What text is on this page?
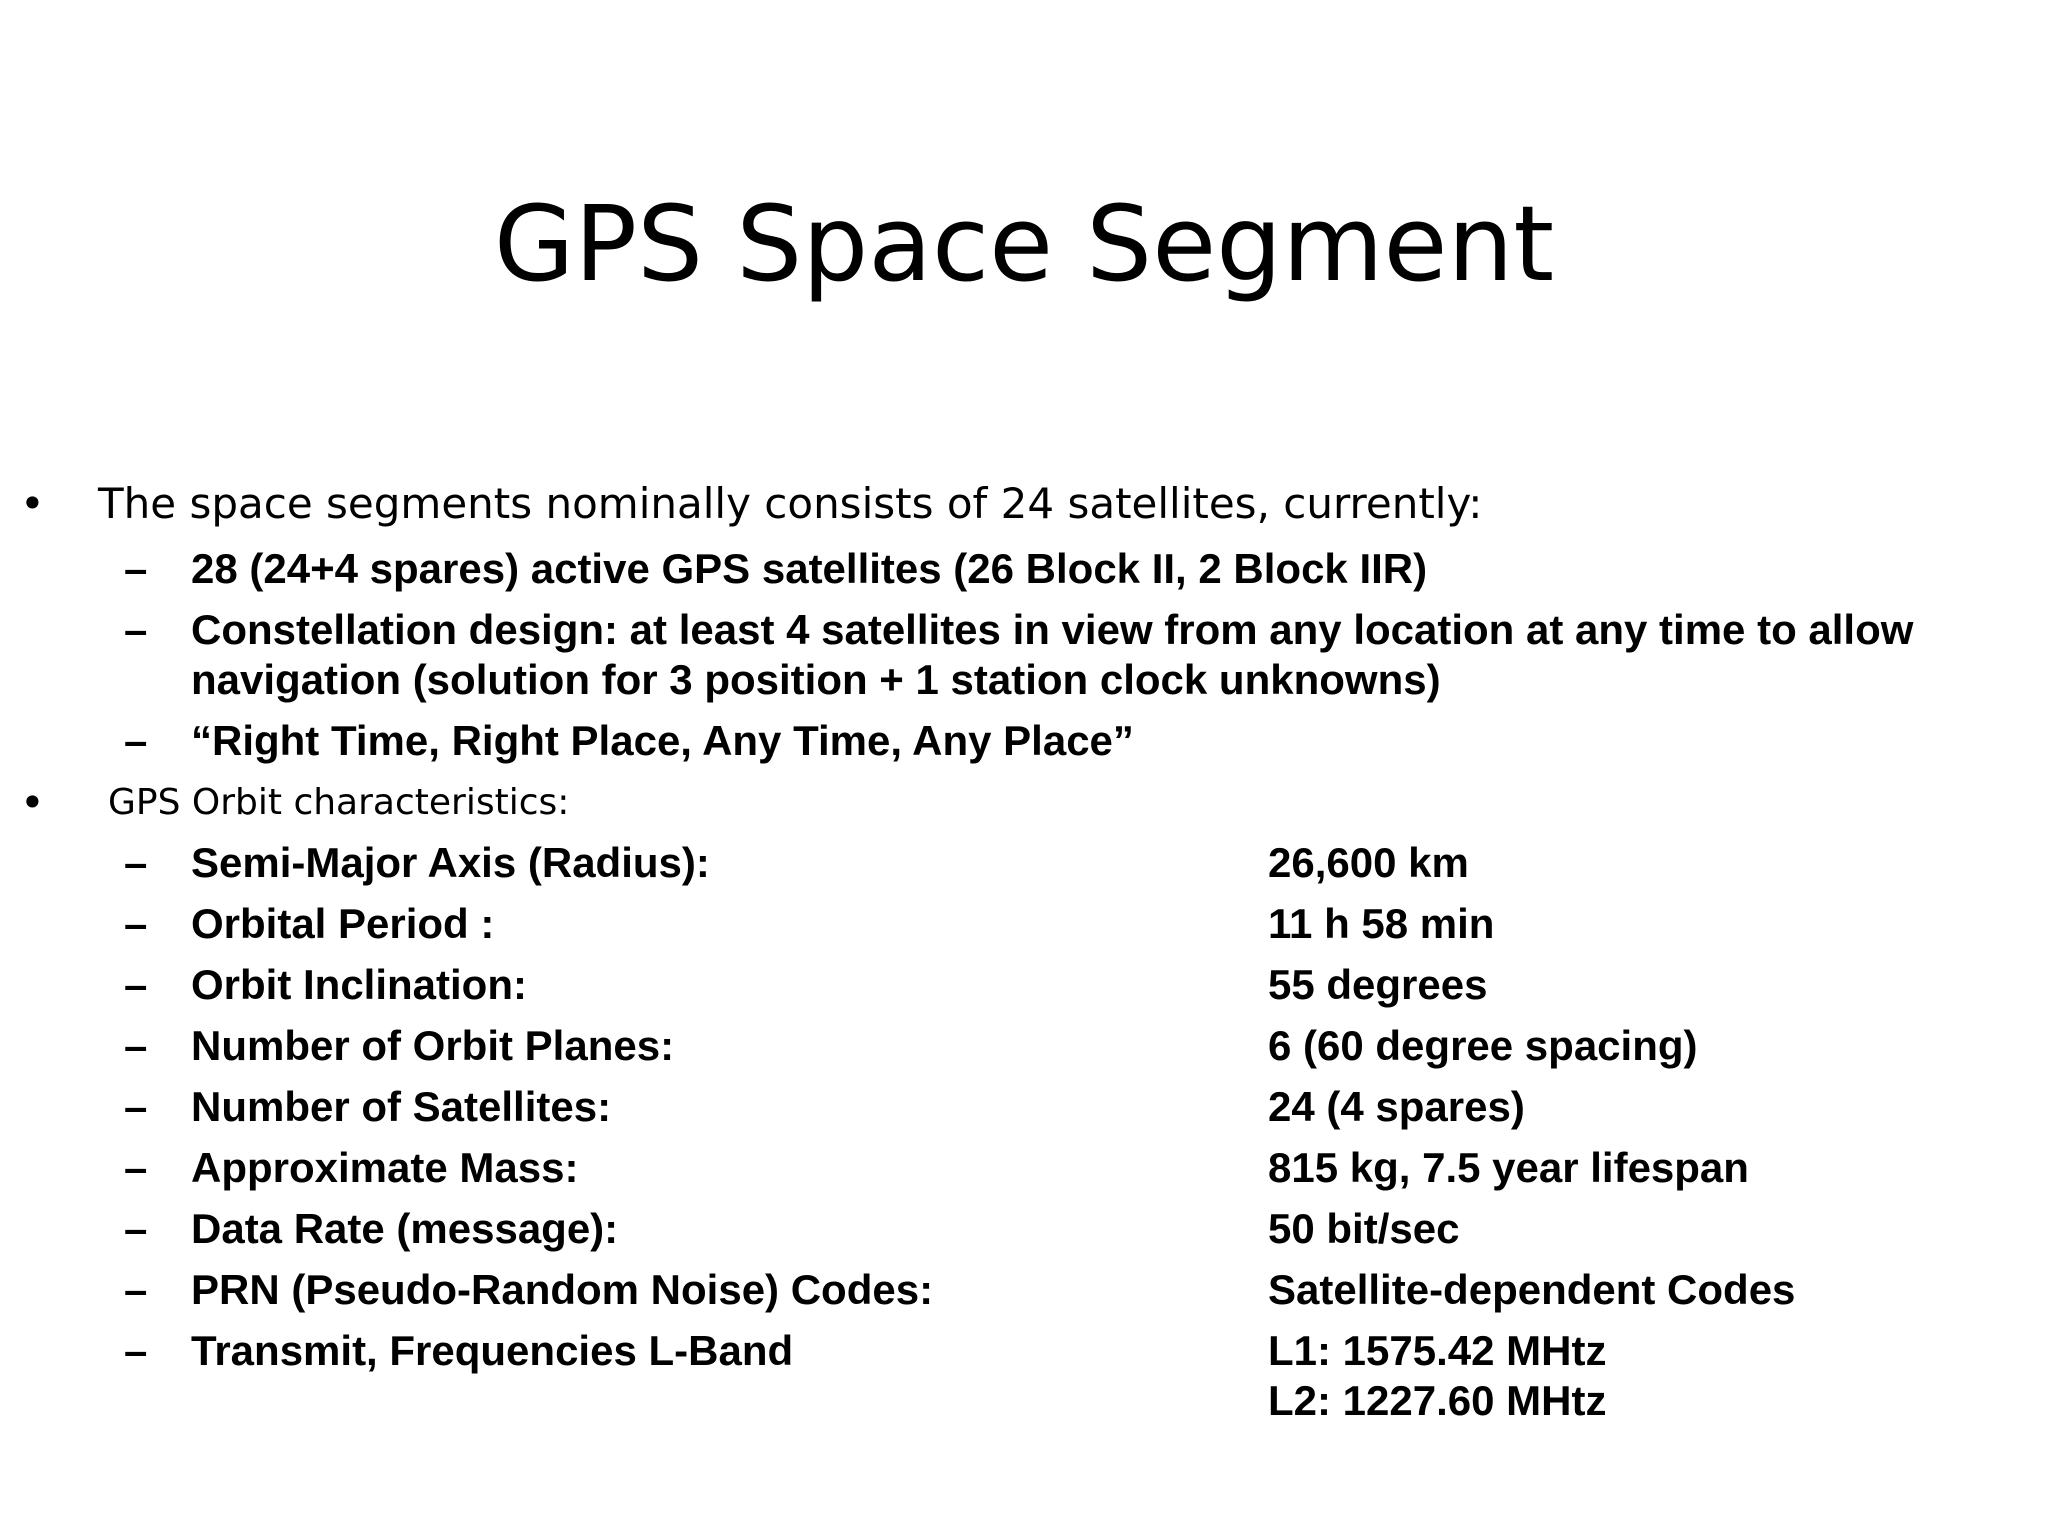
GPS Space Segment
• The space segments nominally consists of 24 satellites, currently:
– 28 (24+4 spares) active GPS satellites (26 Block II, 2 Block IIR)
– Constellation design: at least 4 satellites in view from any location at any time to allow navigation (solution for 3 position + 1 station clock unknowns)
– “Right Time, Right Place, Any Time, Any Place”
• GPS Orbit characteristics:
– Semi-Major Axis (Radius):	26,600 km
– Orbital Period :	11 h 58 min
– Orbit Inclination:	55 degrees
– Number of Orbit Planes:	6 (60 degree spacing)
– Number of Satellites:	24 (4 spares)
– Approximate Mass:	815 kg, 7.5 year lifespan
– Data Rate (message):	50 bit/sec
– PRN (Pseudo-Random Noise) Codes:	Satellite-dependent Codes
– Transmit, Frequencies L-Band	L1: 1575.42 MHtz
L2: 1227.60 MHtz
